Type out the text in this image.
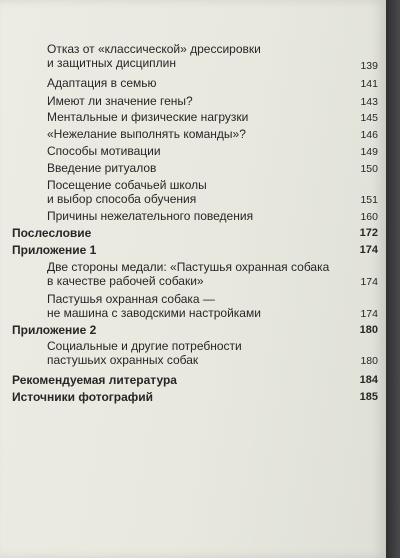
Отказ от «классической» дрессировки
и защитных дисциплин	139
Адаптация в семью	141
Имеют ли значение гены?	143
Ментальные и физические нагрузки	145
«Нежелание выполнять команды»?	146
Способы мотивации	149
Введение ритуалов	150
Посещение собачьей школы
и выбор способа обучения	151
Причины нежелательного поведения	160
Послесловие	172
Приложение 1	174
Две стороны медали: «Пастушья охранная собака
в качестве рабочей собаки»	174
Пастушья охранная собака —
не машина с заводскими настройками	174
Приложение 2	180
Социальные и другие потребности
пастушьих охранных собак	180
Рекомендуемая литература	184
Источники фотографий	185
